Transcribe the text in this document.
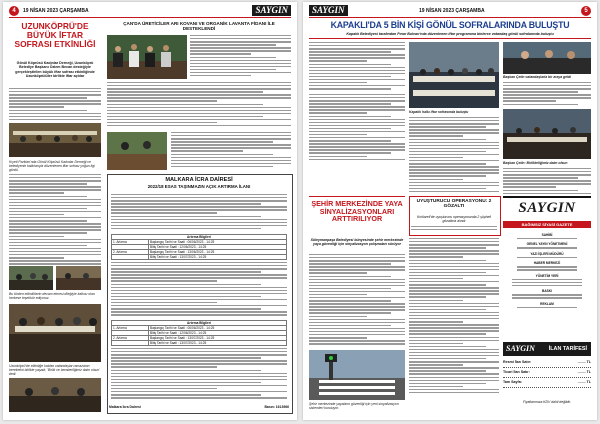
4	19 NİSAN 2023 ÇARŞAMBA	SAYGIN
UZUNKÖPRÜ'DE BÜYÜK İFTAR SOFRASI ETKİNLİĞİ
Gönül Köprüsü Kadınlar Derneği, Uzunköprü Belediye Başkanı Özlem Becan desteğiyle gerçekleştirilen büyük iftar sofrası etkinliğinde Uzunköprülüler birlikte iftar açtılar
Kıyeti Parkları'nda Gönül Köprüsü Kadınlar Derneği ve belediyenin katkılarıyla düzenlenen iftar sofrası yoğun ilgi gördü.
Bu türden etkinliklerin devam etmesi dileğiyle katkısı olan herkese teşekkür ediyoruz.
Uzunköprü'de etkinliğe katılan vatandaşlar ramazanın bereketini birlikte yaşadı, 'Birlik ve beraberliğimiz daim olsun' dedi.
ÇAN'DA ÜRETİCİLER ARI KOVANI VE ORGANİK LAVANTA FİDANI İLE DESTEKLENDİ
MALKARA İCRA DAİRESİ
2022/18 ESAS TAŞINMAZIN AÇIK ARTIRMA İLANI
Artırma Bilgileri	
1. Artırma	Başlangıç Tarihi ve Saati : 06/06/2023 - 14:25
	Bitiş Tarihi ve Saati : 12/06/2023 - 14:25
2. Artırma	Başlangıç Tarihi ve Saati : 13/06/2023 - 14:25
	Bitiş Tarihi ve Saati : 13/07/2023 - 14:25
Artırma Bilgileri	
1. Artırma	Başlangıç Tarihi ve Saati : 06/06/2023 - 14:25
	Bitiş Tarihi ve Saati : 12/06/2023 - 14:25
2. Artırma	Başlangıç Tarihi ve Saati : 13/07/2023 - 14:25
	Bitiş Tarihi ve Saati : 13/07/2023 - 14:25
Malkara İcra Dairesi	Basın: 1613966
SAYGIN	19 NİSAN 2023 ÇARŞAMBA	5
KAPAKLI'DA 5 BİN KİŞİ GÖNÜL SOFRALARINDA BULUŞTU
Kapaklı Belediyesi tarafından Pınar Bulvarı'nda düzenlenen iftar programına binlerce vatandaş gönül sofralarında buluştu
Başkan Çetin vatandaşlarla bir araya geldi
Kapaklı halkı iftar sofrasında buluştu
Başkan Çetin: Birlikteliğimiz daim olsun
ŞEHİR MERKEZİNDE YAYA SİNYALİZASYONLARI ARTTIRILIYOR
Süleymanpaşa Belediyesi bünyesinde şehir merkezinde yaya güvenliği için sinyalizasyon çalışmaları sürüyor
Şehir merkezinde yayaların güvenliği için yeni sinyalizasyon sistemleri kuruluyor.
UYUŞTURUCU OPERASYONU: 2 GÖZALTI
Kırklareli'de uyuşturucu operasyonunda 2 şüpheli gözaltına alındı
SAYGIN
BAĞIMSIZ SİYASİ GAZETE
SAHİBİ
GENEL YAYIN YÖNETMENİ
YAZI İŞLERİ MÜDÜRÜ
HABER MERKEZİ
YÖNETİM YERİ
BASKI
REKLAM
SAYGIN	İLAN TARİFESİ
Resmi İlan Satır:	........ TL
Ticari İlan Satır:	........ TL
Tam Sayfa:	........ TL
Fiyatlarımıza KDV dahil değildir.
